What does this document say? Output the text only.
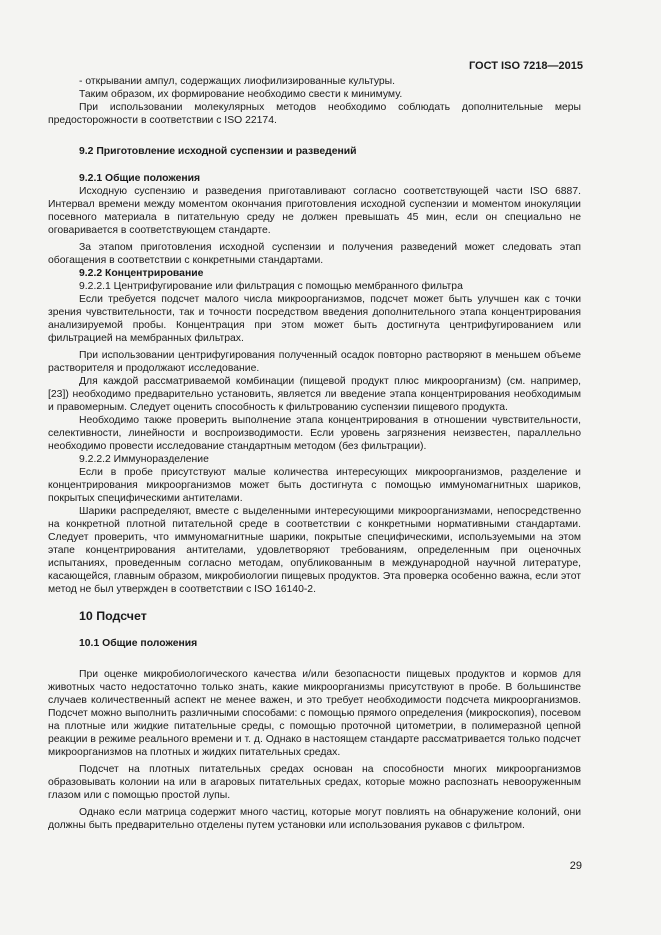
ГОСТ ISO 7218—2015

- открывании ампул, содержащих лиофилизированные культуры.

Таким образом, их формирование необходимо свести к минимуму.

При использовании молекулярных методов необходимо соблюдать дополнительные меры предосторожности в соответствии с ISO 22174.

9.2 Приготовление исходной суспензии и разведений
9.2.1 Общие положения

Исходную суспензию и разведения приготавливают согласно соответствующей части ISO 6887. Интервал времени между моментом окончания приготовления исходной суспензии и моментом инокуляции посевного материала в питательную среду не должен превышать 45 мин, если он специально не оговаривается в соответствующем стандарте.

За этапом приготовления исходной суспензии и получения разведений может следовать этап обогащения в соответствии с конкретными стандартами.

9.2.2 Концентрирование
9.2.2.1 Центрифугирование или фильтрация с помощью мембранного фильтра

Если требуется подсчет малого числа микроорганизмов, подсчет может быть улучшен как с точки зрения чувствительности, так и точности посредством введения дополнительного этапа концентрирования анализируемой пробы. Концентрация при этом может быть достигнута центрифугированием или фильтрацией на мембранных фильтрах.

При использовании центрифугирования полученный осадок повторно растворяют в меньшем объеме растворителя и продолжают исследование.

Для каждой рассматриваемой комбинации (пищевой продукт плюс микроорганизм) (см. например, [23]) необходимо предварительно установить, является ли введение этапа концентрирования необходимым и правомерным. Следует оценить способность к фильтрованию суспензии пищевого продукта.

Необходимо также проверить выполнение этапа концентрирования в отношении чувствительности, селективности, линейности и воспроизводимости. Если уровень загрязнения неизвестен, параллельно необходимо провести исследование стандартным методом (без фильтрации).

9.2.2.2 Иммуноразделение

Если в пробе присутствуют малые количества интересующих микроорганизмов, разделение и концентрирования микроорганизмов может быть достигнута с помощью иммуномагнитных шариков, покрытых специфическими антителами.

Шарики распределяют, вместе с выделенными интересующими микроорганизмами, непосредственно на конкретной плотной питательной среде в соответствии с конкретными нормативными стандартами. Следует проверить, что иммуномагнитные шарики, покрытые специфическими, используемыми на этом этапе концентрирования антителами, удовлетворяют требованиям, определенным при оценочных испытаниях, проведенным согласно методам, опубликованным в международной научной литературе, касающейся, главным образом, микробиологии пищевых продуктов. Эта проверка особенно важна, если этот метод не был утвержден в соответствии с ISO 16140-2.

10 Подсчет
10.1 Общие положения

При оценке микробиологического качества и/или безопасности пищевых продуктов и кормов для животных часто недостаточно только знать, какие микроорганизмы присутствуют в пробе. В большинстве случаев количественный аспект не менее важен, и это требует необходимости подсчета микроорганизмов. Подсчет можно выполнить различными способами: с помощью прямого определения (микроскопия), посевом на плотные или жидкие питательные среды, с помощью проточной цитометрии, в полимеразной цепной реакции в режиме реального времени и т. д. Однако в настоящем стандарте рассматривается только подсчет микроорганизмов на плотных и жидких питательных средах.

Подсчет на плотных питательных средах основан на способности многих микроорганизмов образовывать колонии на или в агаровых питательных средах, которые можно распознать невооруженным глазом или с помощью простой лупы.

Однако если матрица содержит много частиц, которые могут повлиять на обнаружение колоний, они должны быть предварительно отделены путем установки или использования рукавов с фильтром.

29
